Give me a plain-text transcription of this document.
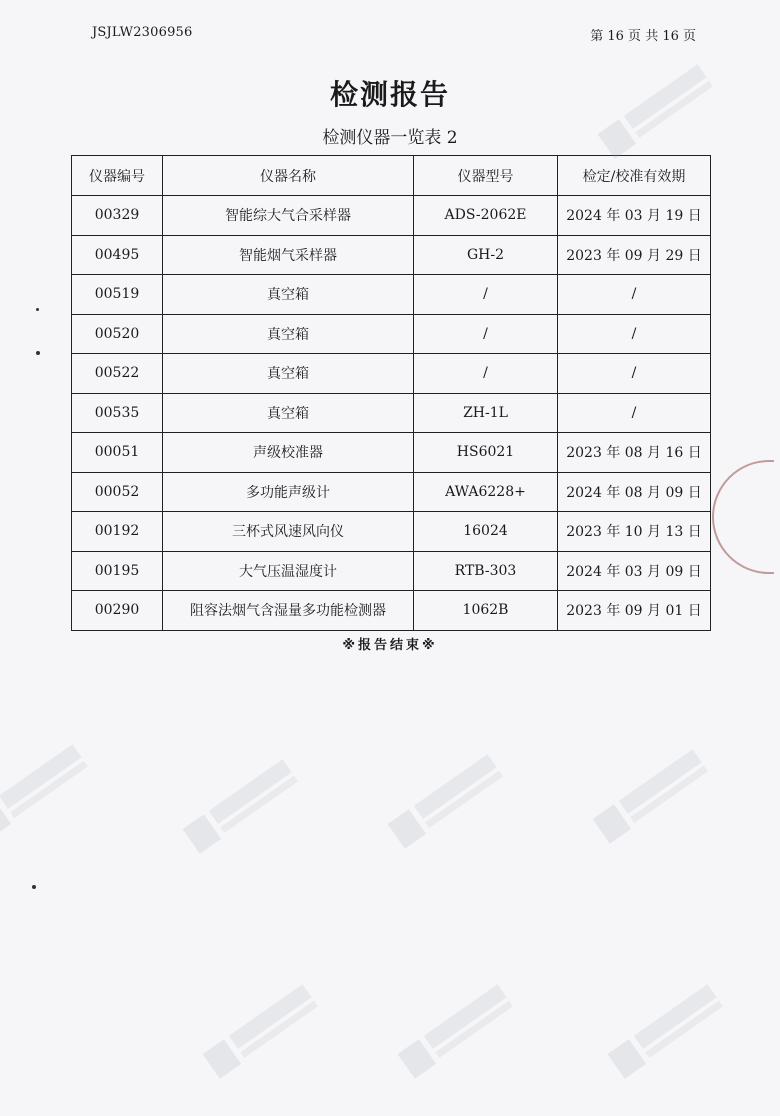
JSJLW2306956	第 16 页 共 16 页
检测报告
检测仪器一览表 2
仪器编号	仪器名称	仪器型号	检定/校准有效期
00329	智能综大气合采样器	ADS-2062E	2024 年 03 月 19 日
00495	智能烟气采样器	GH-2	2023 年 09 月 29 日
00519	真空箱	/	/
00520	真空箱	/	/
00522	真空箱	/	/
00535	真空箱	ZH-1L	/
00051	声级校准器	HS6021	2023 年 08 月 16 日
00052	多功能声级计	AWA6228+	2024 年 08 月 09 日
00192	三杯式风速风向仪	16024	2023 年 10 月 13 日
00195	大气压温湿度计	RTB-303	2024 年 03 月 09 日
00290	阻容法烟气含湿量多功能检测器	1062B	2023 年 09 月 01 日
※报告结束※
